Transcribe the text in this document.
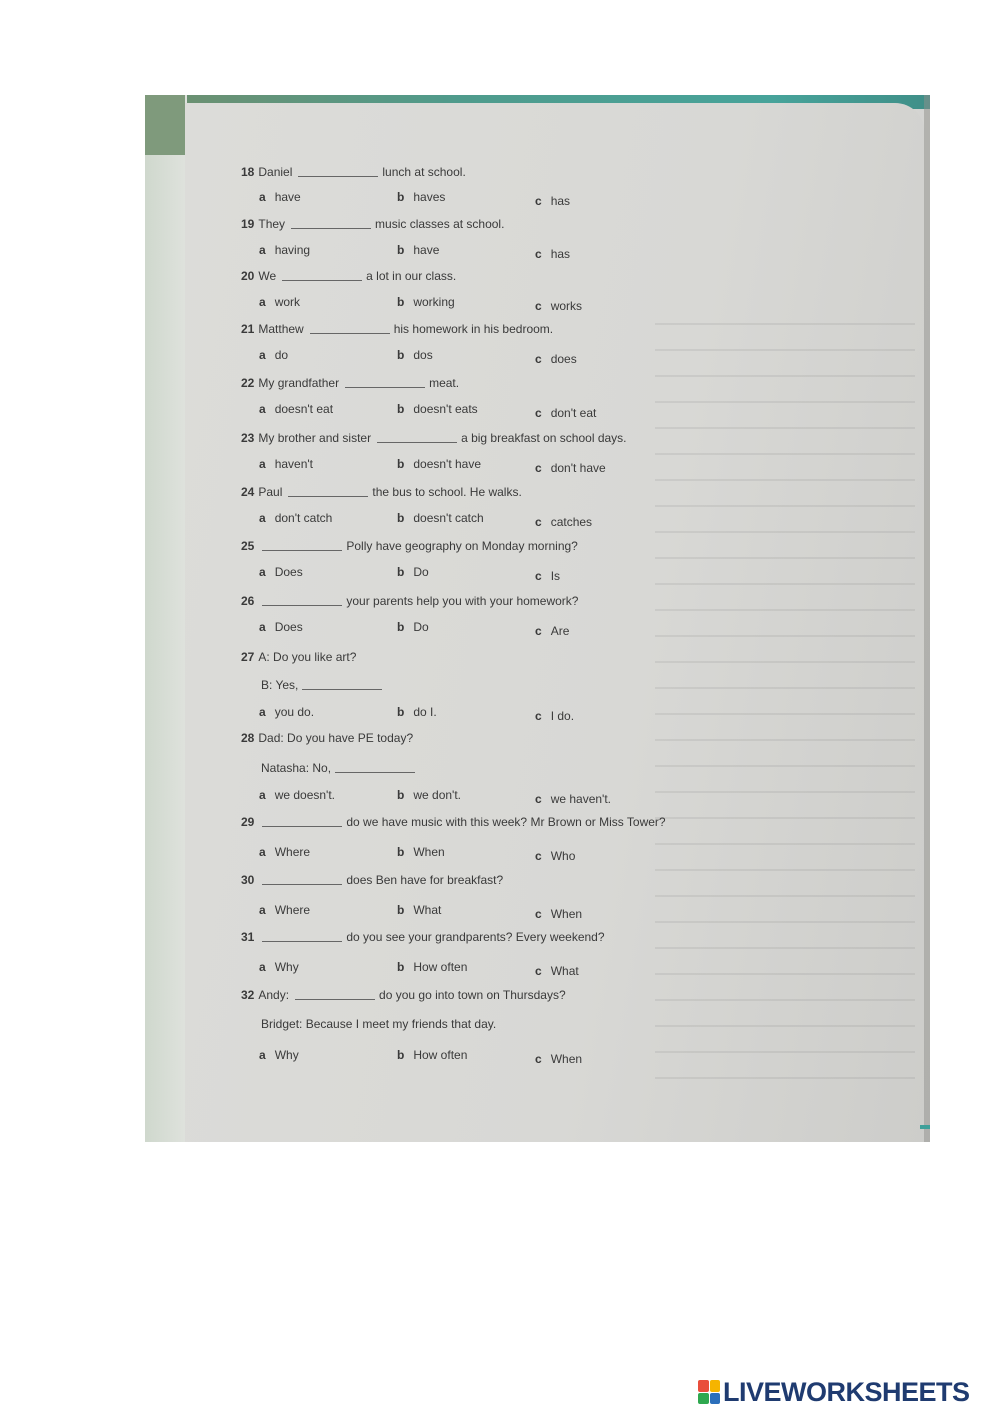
18 Daniel	lunch at school.
a have	b haves	c has
19 They	music classes at school.
a having	b have	c has
20 We	a lot in our class.
a work	b working	c works
21 Matthew	his homework in his bedroom.
a do	b dos	c does
22 My grandfather	meat.
a doesn't eat	b doesn't eats	c don't eat
23 My brother and sister	a big breakfast on school days.
a haven't	b doesn't have	c don't have
24 Paul	the bus to school. He walks.
a don't catch	b doesn't catch	c catches
25	Polly have geography on Monday morning?
a Does	b Do	c Is
26	your parents help you with your homework?
a Does	b Do	c Are
27 A: Do you like art?
B: Yes,
a you do.	b do I.	c I do.
28 Dad: Do you have PE today?
Natasha: No,
a we doesn't.	b we don't.	c we haven't.
29	do we have music with this week? Mr Brown or Miss Tower?
a Where	b When	c Who
30	does Ben have for breakfast?
a Where	b What	c When
31	do you see your grandparents? Every weekend?
a Why	b How often	c What
32 Andy:	do you go into town on Thursdays?
Bridget: Because I meet my friends that day.
a Why	b How often	c When
LIVEWORKSHEETS
